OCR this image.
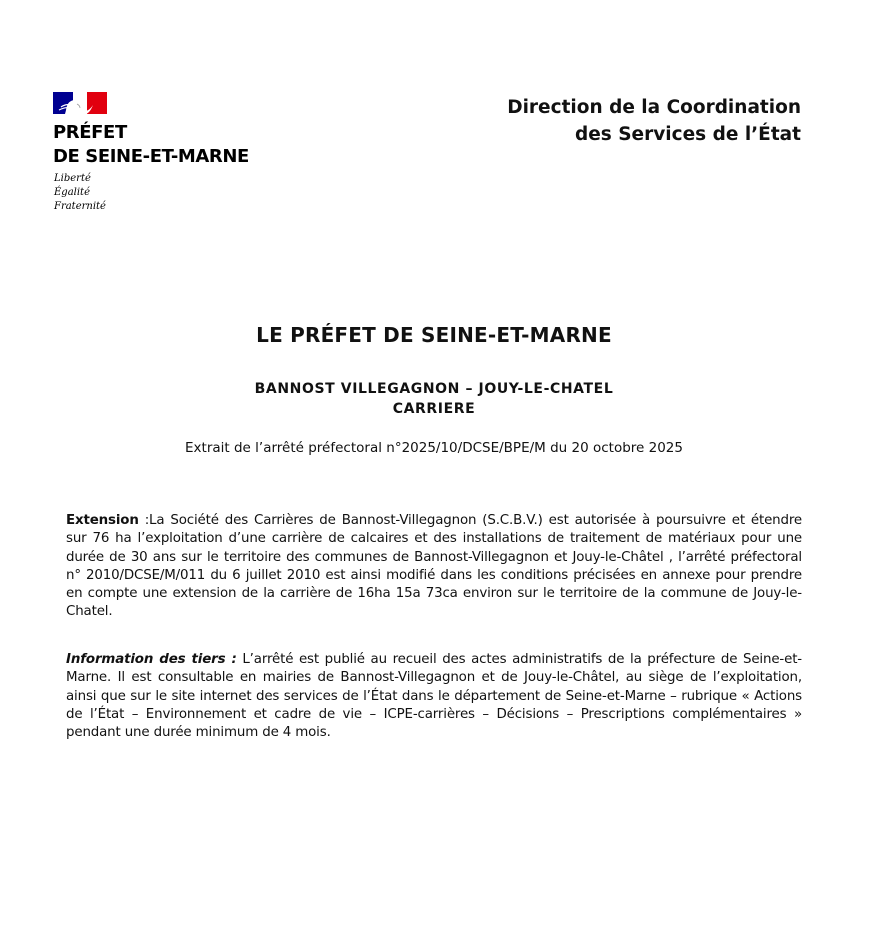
PRÉFET
DE SEINE-ET-MARNE
Liberté
Égalité
Fraternité
Direction de la Coordination
des Services de l’État
LE PRÉFET DE SEINE-ET-MARNE
BANNOST VILLEGAGNON – JOUY-LE-CHATEL
CARRIERE
Extrait de l’arrêté préfectoral n°2025/10/DCSE/BPE/M du 20 octobre 2025
Extension :La Société des Carrières de Bannost-Villegagnon (S.C.B.V.) est autorisée à poursuivre et étendre sur 76 ha l’exploitation d’une carrière de calcaires et des installations de traitement de matériaux pour une durée de 30 ans sur le territoire des communes de Bannost-Villegagnon et Jouy-le-Châtel , l’arrêté préfectoral n° 2010/DCSE/M/011 du 6 juillet 2010 est ainsi modifié dans les conditions précisées en annexe pour prendre en compte une extension de la carrière de 16ha 15a 73ca environ sur le territoire de la commune de Jouy-le-Chatel.
Information des tiers : L’arrêté est publié au recueil des actes administratifs de la préfecture de Seine-et-Marne. Il est consultable en mairies de Bannost-Villegagnon et de Jouy-le-Châtel, au siège de l’exploitation, ainsi que sur le site internet des services de l’État dans le département de Seine-et-Marne – rubrique « Actions de l’État – Environnement et cadre de vie – ICPE-carrières – Décisions – Prescriptions complémentaires » pendant une durée minimum de 4 mois.
